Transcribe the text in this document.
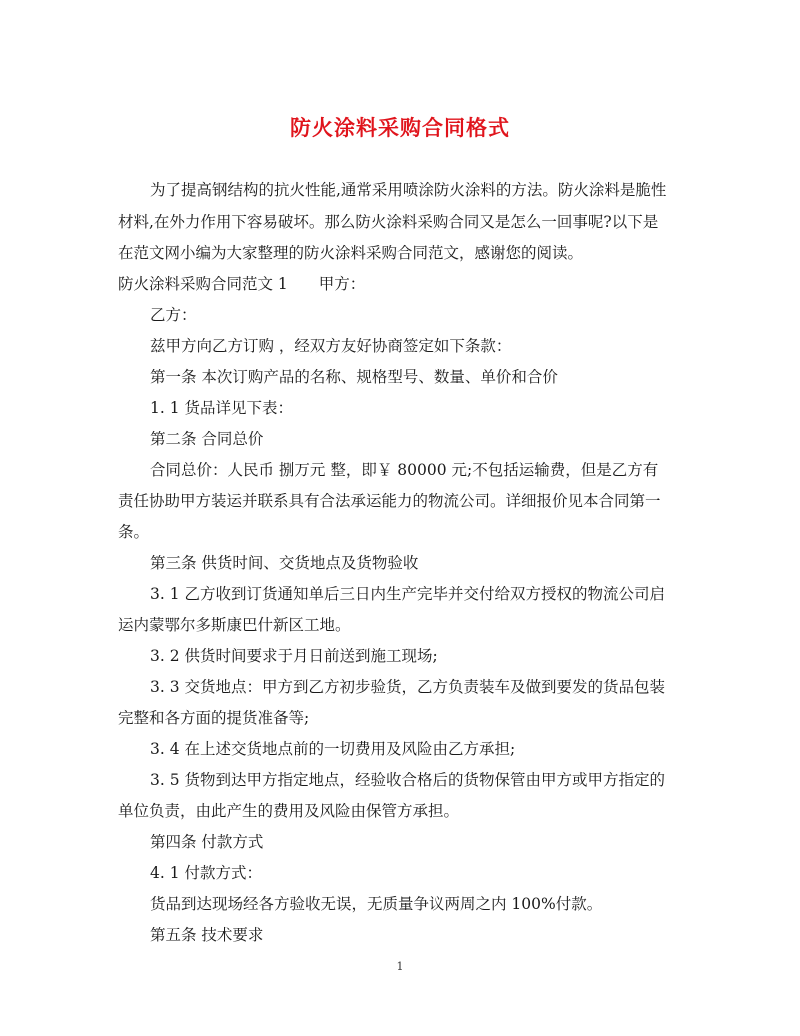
防火涂料采购合同格式
为了提高钢结构的抗火性能,通常采用喷涂防火涂料的方法。防火涂料是脆性
材料,在外力作用下容易破坏。那么防火涂料采购合同又是怎么一回事呢?以下是
在范文网小编为大家整理的防火涂料采购合同范文，感谢您的阅读。
防火涂料采购合同范文 1　　甲方：
乙方：
兹甲方向乙方订购 ，经双方友好协商签定如下条款：
第一条 本次订购产品的名称、规格型号、数量、单价和合价
1. 1 货品详见下表：
第二条 合同总价
合同总价：人民币 捌万元 整，即￥ 80000 元;不包括运输费，但是乙方有
责任协助甲方装运并联系具有合法承运能力的物流公司。详细报价见本合同第一
条。
第三条 供货时间、交货地点及货物验收
3. 1 乙方收到订货通知单后三日内生产完毕并交付给双方授权的物流公司启
运内蒙鄂尔多斯康巴什新区工地。
3. 2 供货时间要求于月日前送到施工现场;
3. 3 交货地点：甲方到乙方初步验货，乙方负责装车及做到要发的货品包装
完整和各方面的提货准备等;
3. 4 在上述交货地点前的一切费用及风险由乙方承担;
3. 5 货物到达甲方指定地点，经验收合格后的货物保管由甲方或甲方指定的
单位负责，由此产生的费用及风险由保管方承担。
第四条 付款方式
4. 1 付款方式：
货品到达现场经各方验收无误，无质量争议两周之内 100%付款。
第五条 技术要求
1
